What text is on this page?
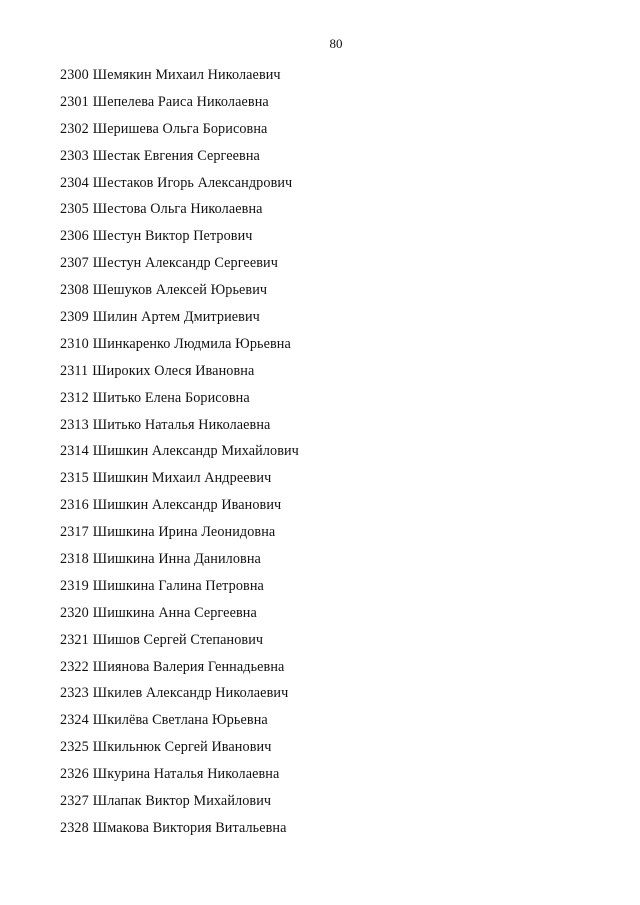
80
2300 Шемякин Михаил Николаевич
2301 Шепелева Раиса Николаевна
2302 Шеришева Ольга Борисовна
2303 Шестак Евгения Сергеевна
2304 Шестаков Игорь Александрович
2305 Шестова Ольга Николаевна
2306 Шестун Виктор Петрович
2307 Шестун Александр Сергеевич
2308 Шешуков Алексей Юрьевич
2309 Шилин Артем Дмитриевич
2310 Шинкаренко Людмила Юрьевна
2311 Широких Олеся Ивановна
2312 Шитько Елена Борисовна
2313 Шитько Наталья Николаевна
2314 Шишкин Александр Михайлович
2315 Шишкин Михаил Андреевич
2316 Шишкин Александр Иванович
2317 Шишкина Ирина Леонидовна
2318 Шишкина Инна Даниловна
2319 Шишкина Галина Петровна
2320 Шишкина Анна Сергеевна
2321 Шишов Сергей Степанович
2322 Шиянова Валерия Геннадьевна
2323 Шкилев Александр Николаевич
2324 Шкилёва Светлана Юрьевна
2325 Шкильнюк Сергей Иванович
2326 Шкурина Наталья Николаевна
2327 Шлапак Виктор Михайлович
2328 Шмакова Виктория Витальевна
